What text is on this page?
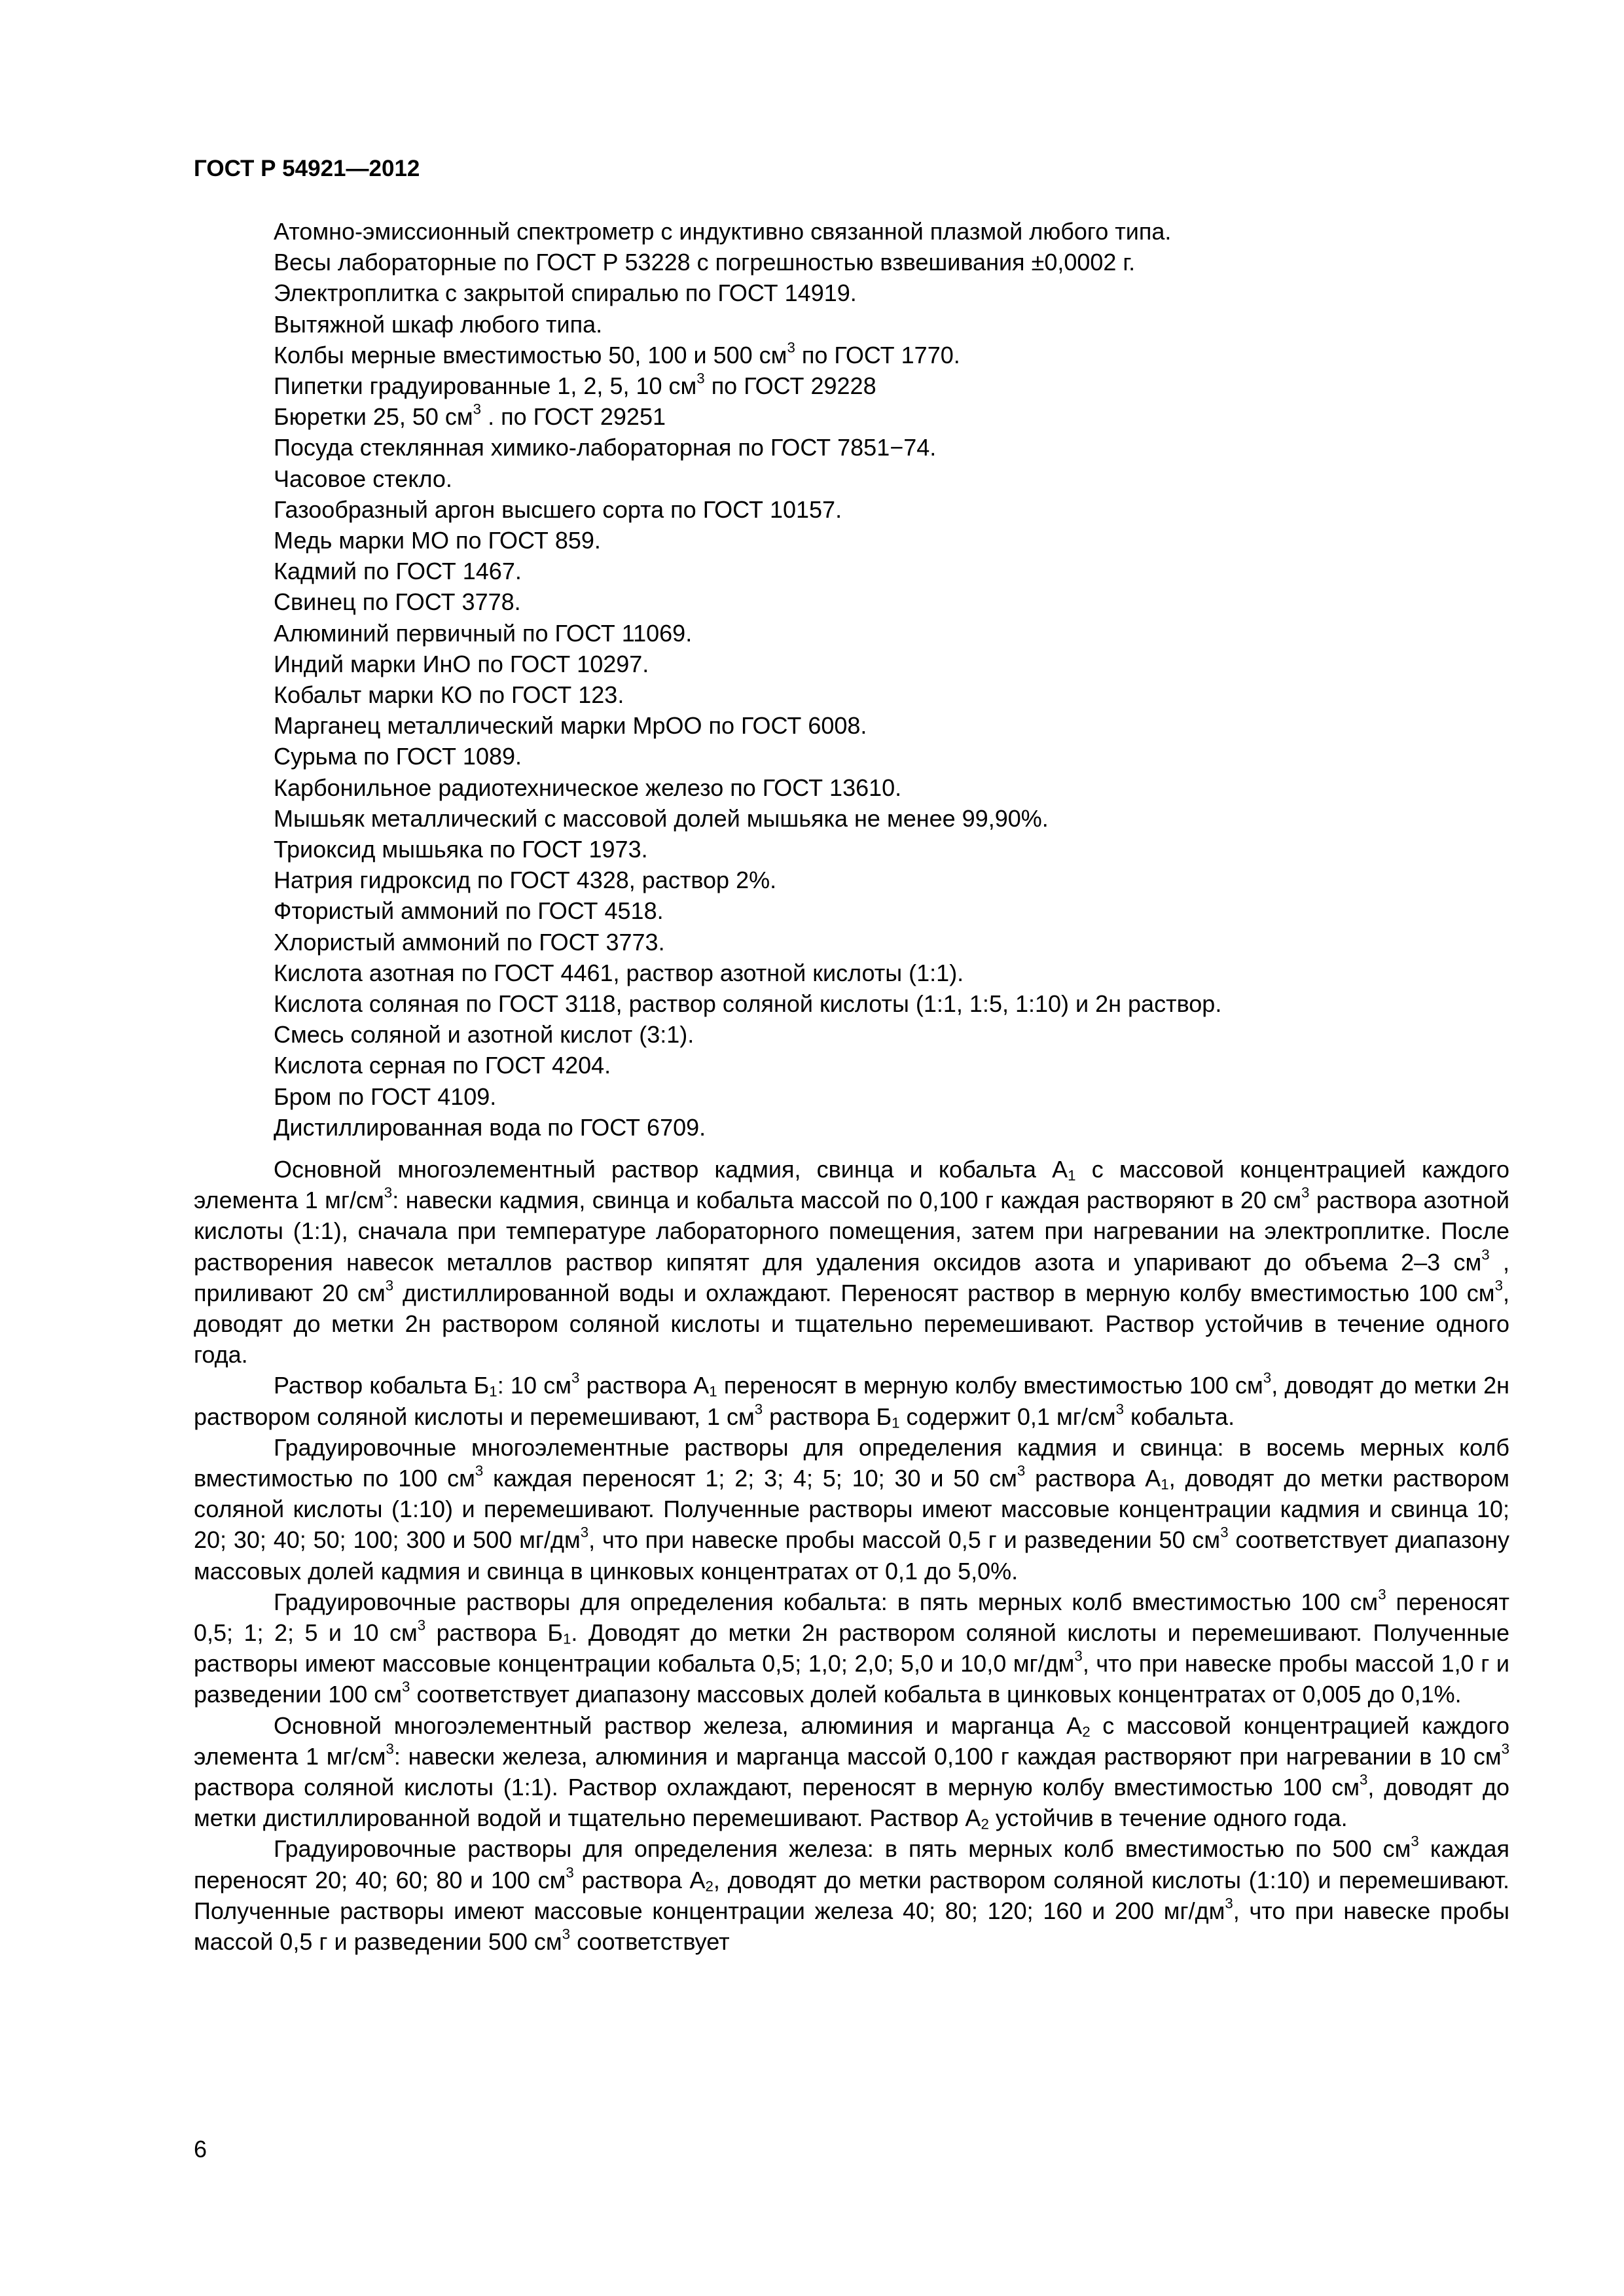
ГОСТ Р 54921—2012
Атомно-эмиссионный спектрометр с индуктивно связанной плазмой любого типа.
Весы лабораторные по ГОСТ Р 53228 с погрешностью взвешивания ±0,0002 г.
Электроплитка с закрытой спиралью по ГОСТ 14919.
Вытяжной шкаф любого типа.
Колбы мерные вместимостью 50, 100 и 500 $см^3$ по ГОСТ 1770.
Пипетки градуированные 1, 2, 5, 10 $см^3$ по ГОСТ 29228
Бюретки 25, 50 $см^3$ . по ГОСТ 29251
Посуда стеклянная химико-лабораторная по ГОСТ 7851−74.
Часовое стекло.
Газообразный аргон высшего сорта по ГОСТ 10157.
Медь марки МО по ГОСТ 859.
Кадмий по ГОСТ 1467.
Свинец по ГОСТ 3778.
Алюминий первичный по ГОСТ 11069.
Индий марки ИнО по ГОСТ 10297.
Кобальт марки КО по ГОСТ 123.
Марганец металлический марки МрОО по ГОСТ 6008.
Сурьма по ГОСТ 1089.
Карбонильное радиотехническое железо по ГОСТ 13610.
Мышьяк металлический с массовой долей мышьяка не менее 99,90%.
Триоксид мышьяка по ГОСТ 1973.
Натрия гидроксид по ГОСТ 4328, раствор 2%.
Фтористый аммоний по ГОСТ 4518.
Хлористый аммоний по ГОСТ 3773.
Кислота азотная по ГОСТ 4461, раствор азотной кислоты (1:1).
Кислота соляная по ГОСТ 3118, раствор соляной кислоты (1:1, 1:5, 1:10) и 2н раствор.
Смесь соляной и азотной кислот (3:1).
Кислота серная по ГОСТ 4204.
Бром по ГОСТ 4109.
Дистиллированная вода по ГОСТ 6709.

Основной многоэлементный раствор кадмия, свинца и кобальта $А_1$ с массовой концентрацией каждого элемента 1 $мг/см^3$: навески кадмия, свинца и кобальта массой по 0,100 г каждая растворяют в 20 $см^3$ раствора азотной кислоты (1:1), сначала при температуре лабораторного помещения, затем при нагревании на электроплитке. После растворения навесок металлов раствор кипятят для удаления оксидов азота и упаривают до объема 2–3 $см^3$ , приливают 20 $см^3$ дистиллированной воды и охлаждают. Переносят раствор в мерную колбу вместимостью 100 $см^3$, доводят до метки 2н раствором соляной кислоты и тщательно перемешивают. Раствор устойчив в течение одного года.

Раствор кобальта $Б_1$: 10 $см^3$ раствора $А_1$ переносят в мерную колбу вместимостью 100 $см^3$, доводят до метки 2н раствором соляной кислоты и перемешивают, 1 $см^3$ раствора $Б_1$ содержит 0,1 $мг/см^3$ кобальта.

Градуировочные многоэлементные растворы для определения кадмия и свинца: в восемь мерных колб вместимостью по 100 $см^3$ каждая переносят 1; 2; 3; 4; 5; 10; 30 и 50 $см^3$ раствора $А_1$, доводят до метки раствором соляной кислоты (1:10) и перемешивают. Полученные растворы имеют массовые концентрации кадмия и свинца 10; 20; 30; 40; 50; 100; 300 и 500 $мг/дм^3$, что при навеске пробы массой 0,5 г и разведении 50 $см^3$ соответствует диапазону массовых долей кадмия и свинца в цинковых концентратах от 0,1 до 5,0%.

Градуировочные растворы для определения кобальта: в пять мерных колб вместимостью 100 $см^3$ переносят 0,5; 1; 2; 5 и 10 $см^3$ раствора $Б_1$. Доводят до метки 2н раствором соляной кислоты и перемешивают. Полученные растворы имеют массовые концентрации кобальта 0,5; 1,0; 2,0; 5,0 и 10,0 $мг/дм^3$, что при навеске пробы массой 1,0 г и разведении 100 $см^3$ соответствует диапазону массовых долей кобальта в цинковых концентратах от 0,005 до 0,1%.

Основной многоэлементный раствор железа, алюминия и марганца $А_2$ с массовой концентрацией каждого элемента 1 $мг/см^3$: навески железа, алюминия и марганца массой 0,100 г каждая растворяют при нагревании в 10 $см^3$ раствора соляной кислоты (1:1). Раствор охлаждают, переносят в мерную колбу вместимостью 100 $см^3$, доводят до метки дистиллированной водой и тщательно перемешивают. Раствор $А_2$ устойчив в течение одного года.

Градуировочные растворы для определения железа: в пять мерных колб вместимостью по 500 $см^3$ каждая переносят 20; 40; 60; 80 и 100 $см^3$ раствора $А_2$, доводят до метки раствором соляной кислоты (1:10) и перемешивают. Полученные растворы имеют массовые концентрации железа 40; 80; 120; 160 и 200 $мг/дм^3$, что при навеске пробы массой 0,5 г и разведении 500 $см^3$ соответствует

6
